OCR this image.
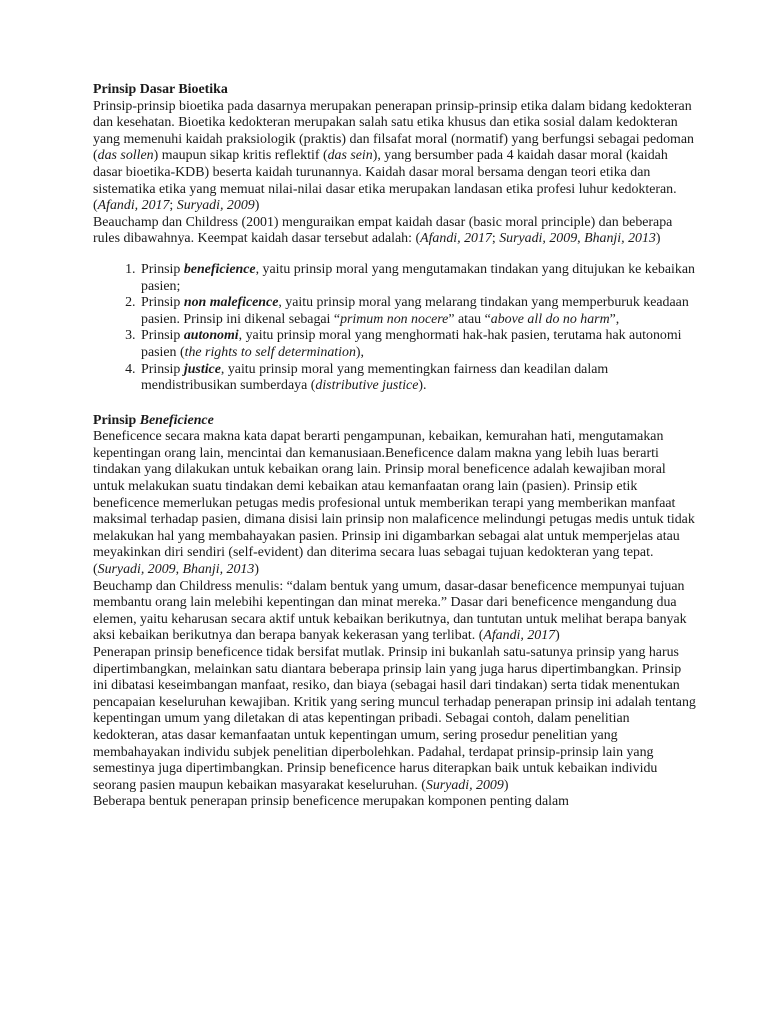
Prinsip Dasar Bioetika

Prinsip-prinsip bioetika pada dasarnya merupakan penerapan prinsip-prinsip etika dalam bidang kedokteran dan kesehatan. Bioetika kedokteran merupakan salah satu etika khusus dan etika sosial dalam kedokteran yang memenuhi kaidah praksiologik (praktis) dan filsafat moral (normatif) yang berfungsi sebagai pedoman (das sollen) maupun sikap kritis reflektif (das sein), yang bersumber pada 4 kaidah dasar moral (kaidah dasar bioetika-KDB) beserta kaidah turunannya. Kaidah dasar moral bersama dengan teori etika dan sistematika etika yang memuat nilai-nilai dasar etika merupakan landasan etika profesi luhur kedokteran. (Afandi, 2017; Suryadi, 2009)

Beauchamp dan Childress (2001) menguraikan empat kaidah dasar (basic moral principle) dan beberapa rules dibawahnya. Keempat kaidah dasar tersebut adalah: (Afandi, 2017; Suryadi, 2009, Bhanji, 2013)

1. Prinsip beneficience, yaitu prinsip moral yang mengutamakan tindakan yang ditujukan ke kebaikan pasien;
2. Prinsip non maleficence, yaitu prinsip moral yang melarang tindakan yang memperburuk keadaan pasien. Prinsip ini dikenal sebagai “primum non nocere” atau “above all do no harm”,
3. Prinsip autonomi, yaitu prinsip moral yang menghormati hak-hak pasien, terutama hak autonomi pasien (the rights to self determination),
4. Prinsip justice, yaitu prinsip moral yang mementingkan fairness dan keadilan dalam mendistribusikan sumberdaya (distributive justice).
Prinsip Beneficience

Beneficence secara makna kata dapat berarti pengampunan, kebaikan, kemurahan hati, mengutamakan kepentingan orang lain, mencintai dan kemanusiaan.Beneficence dalam makna yang lebih luas berarti tindakan yang dilakukan untuk kebaikan orang lain. Prinsip moral beneficence adalah kewajiban moral untuk melakukan suatu tindakan demi kebaikan atau kemanfaatan orang lain (pasien). Prinsip etik beneficence memerlukan petugas medis profesional untuk memberikan terapi yang memberikan manfaat maksimal terhadap pasien, dimana disisi lain prinsip non malaficence melindungi petugas medis untuk tidak melakukan hal yang membahayakan pasien. Prinsip ini digambarkan sebagai alat untuk memperjelas atau meyakinkan diri sendiri (self-evident) dan diterima secara luas sebagai tujuan kedokteran yang tepat. (Suryadi, 2009, Bhanji, 2013)

Beuchamp dan Childress menulis: “dalam bentuk yang umum, dasar-dasar beneficence mempunyai tujuan membantu orang lain melebihi kepentingan dan minat mereka.” Dasar dari beneficence mengandung dua elemen, yaitu keharusan secara aktif untuk kebaikan berikutnya, dan tuntutan untuk melihat berapa banyak aksi kebaikan berikutnya dan berapa banyak kekerasan yang terlibat. (Afandi, 2017)

Penerapan prinsip beneficence tidak bersifat mutlak. Prinsip ini bukanlah satu-satunya prinsip yang harus dipertimbangkan, melainkan satu diantara beberapa prinsip lain yang juga harus dipertimbangkan. Prinsip ini dibatasi keseimbangan manfaat, resiko, dan biaya (sebagai hasil dari tindakan) serta tidak menentukan pencapaian keseluruhan kewajiban. Kritik yang sering muncul terhadap penerapan prinsip ini adalah tentang kepentingan umum yang diletakan di atas kepentingan pribadi. Sebagai contoh, dalam penelitian kedokteran, atas dasar kemanfaatan untuk kepentingan umum, sering prosedur penelitian yang membahayakan individu subjek penelitian diperbolehkan. Padahal, terdapat prinsip-prinsip lain yang semestinya juga dipertimbangkan. Prinsip beneficence harus diterapkan baik untuk kebaikan individu seorang pasien maupun kebaikan masyarakat keseluruhan. (Suryadi, 2009)

Beberapa bentuk penerapan prinsip beneficence merupakan komponen penting dalam
